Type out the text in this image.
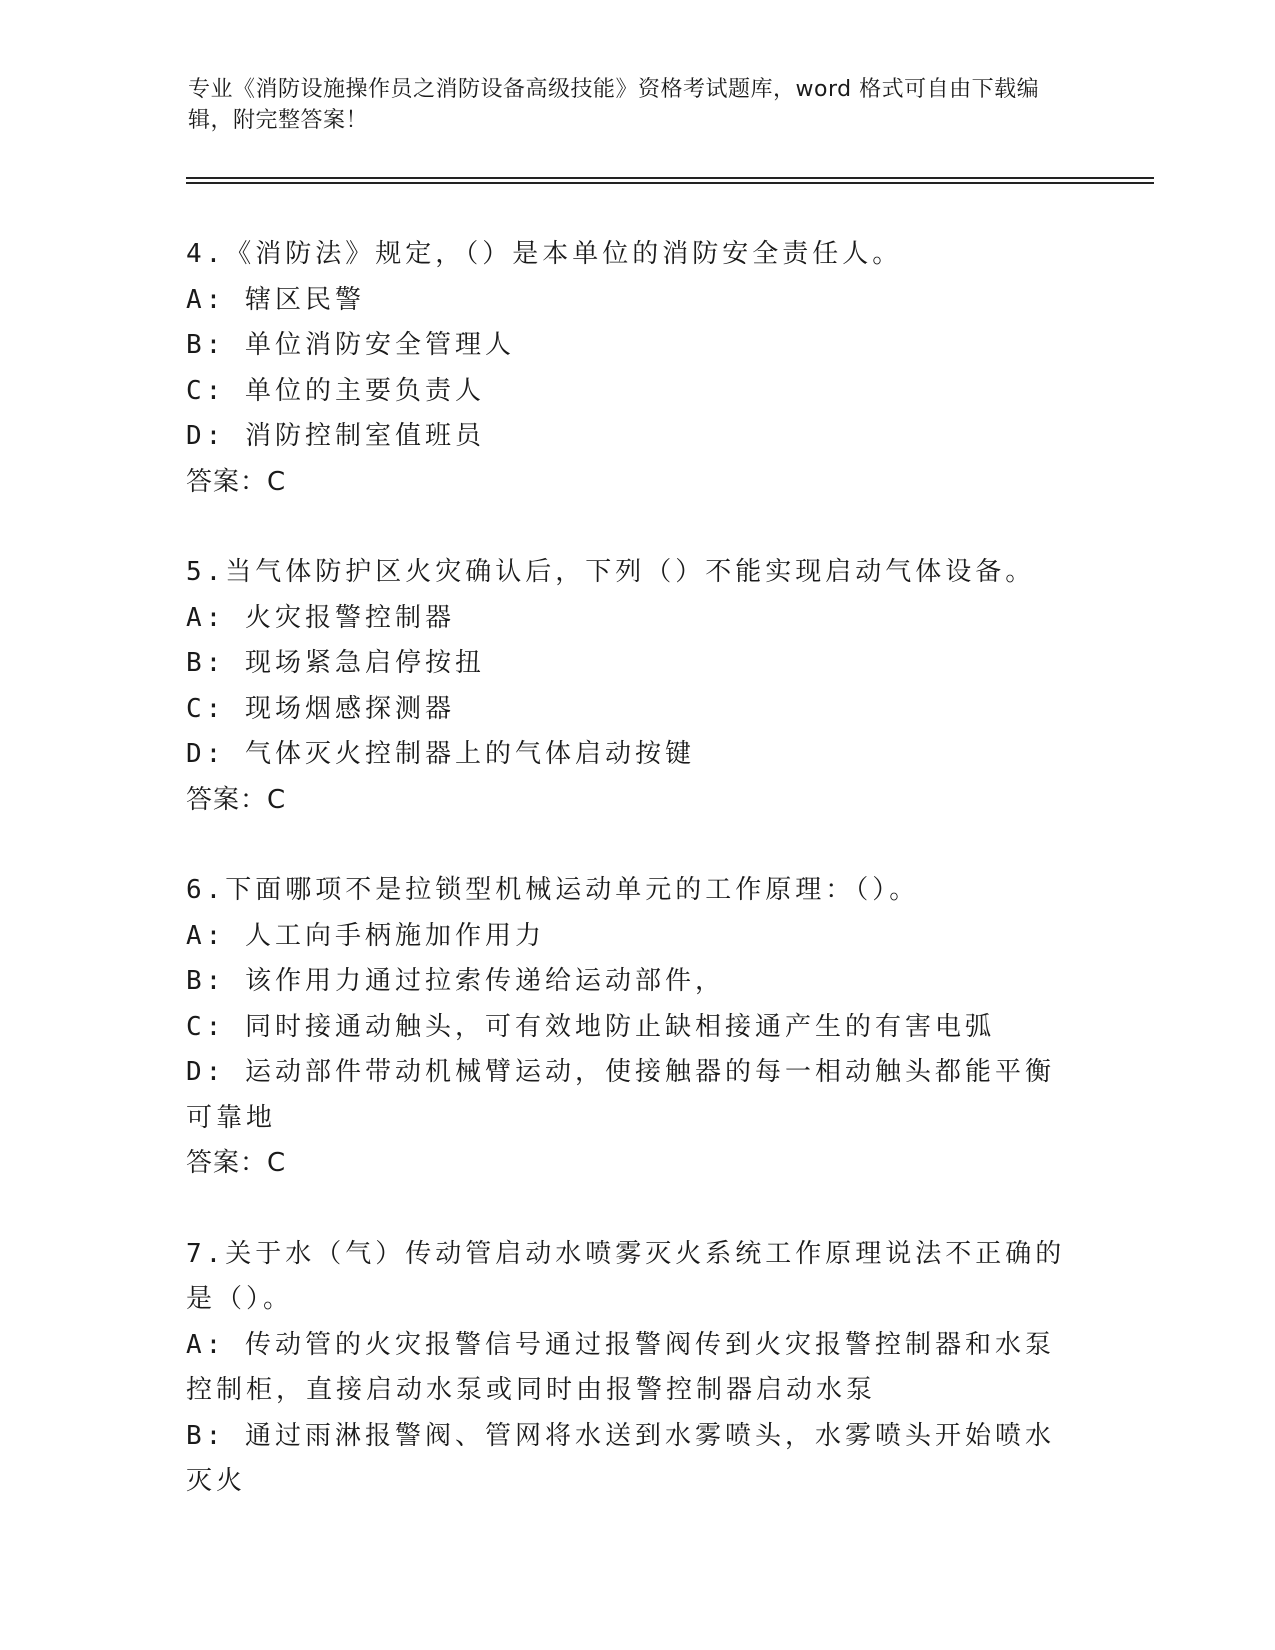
专业《消防设施操作员之消防设备高级技能》资格考试题库，word 格式可自由下载编辑，附完整答案！

4.《消防法》规定，（）是本单位的消防安全责任人。

A: 辖区民警

B: 单位消防安全管理人

C: 单位的主要负责人

D: 消防控制室值班员

答案：C

5.当气体防护区火灾确认后，下列（）不能实现启动气体设备。

A: 火灾报警控制器

B: 现场紧急启停按扭

C: 现场烟感探测器

D: 气体灭火控制器上的气体启动按键

答案：C

6.下面哪项不是拉锁型机械运动单元的工作原理：（）。

A: 人工向手柄施加作用力

B: 该作用力通过拉索传递给运动部件，

C: 同时接通动触头，可有效地防止缺相接通产生的有害电弧

D: 运动部件带动机械臂运动，使接触器的每一相动触头都能平衡可靠地

答案：C

7.关于水（气）传动管启动水喷雾灭火系统工作原理说法不正确的是（）。

A: 传动管的火灾报警信号通过报警阀传到火灾报警控制器和水泵控制柜，直接启动水泵或同时由报警控制器启动水泵

B: 通过雨淋报警阀、管网将水送到水雾喷头，水雾喷头开始喷水灭火
